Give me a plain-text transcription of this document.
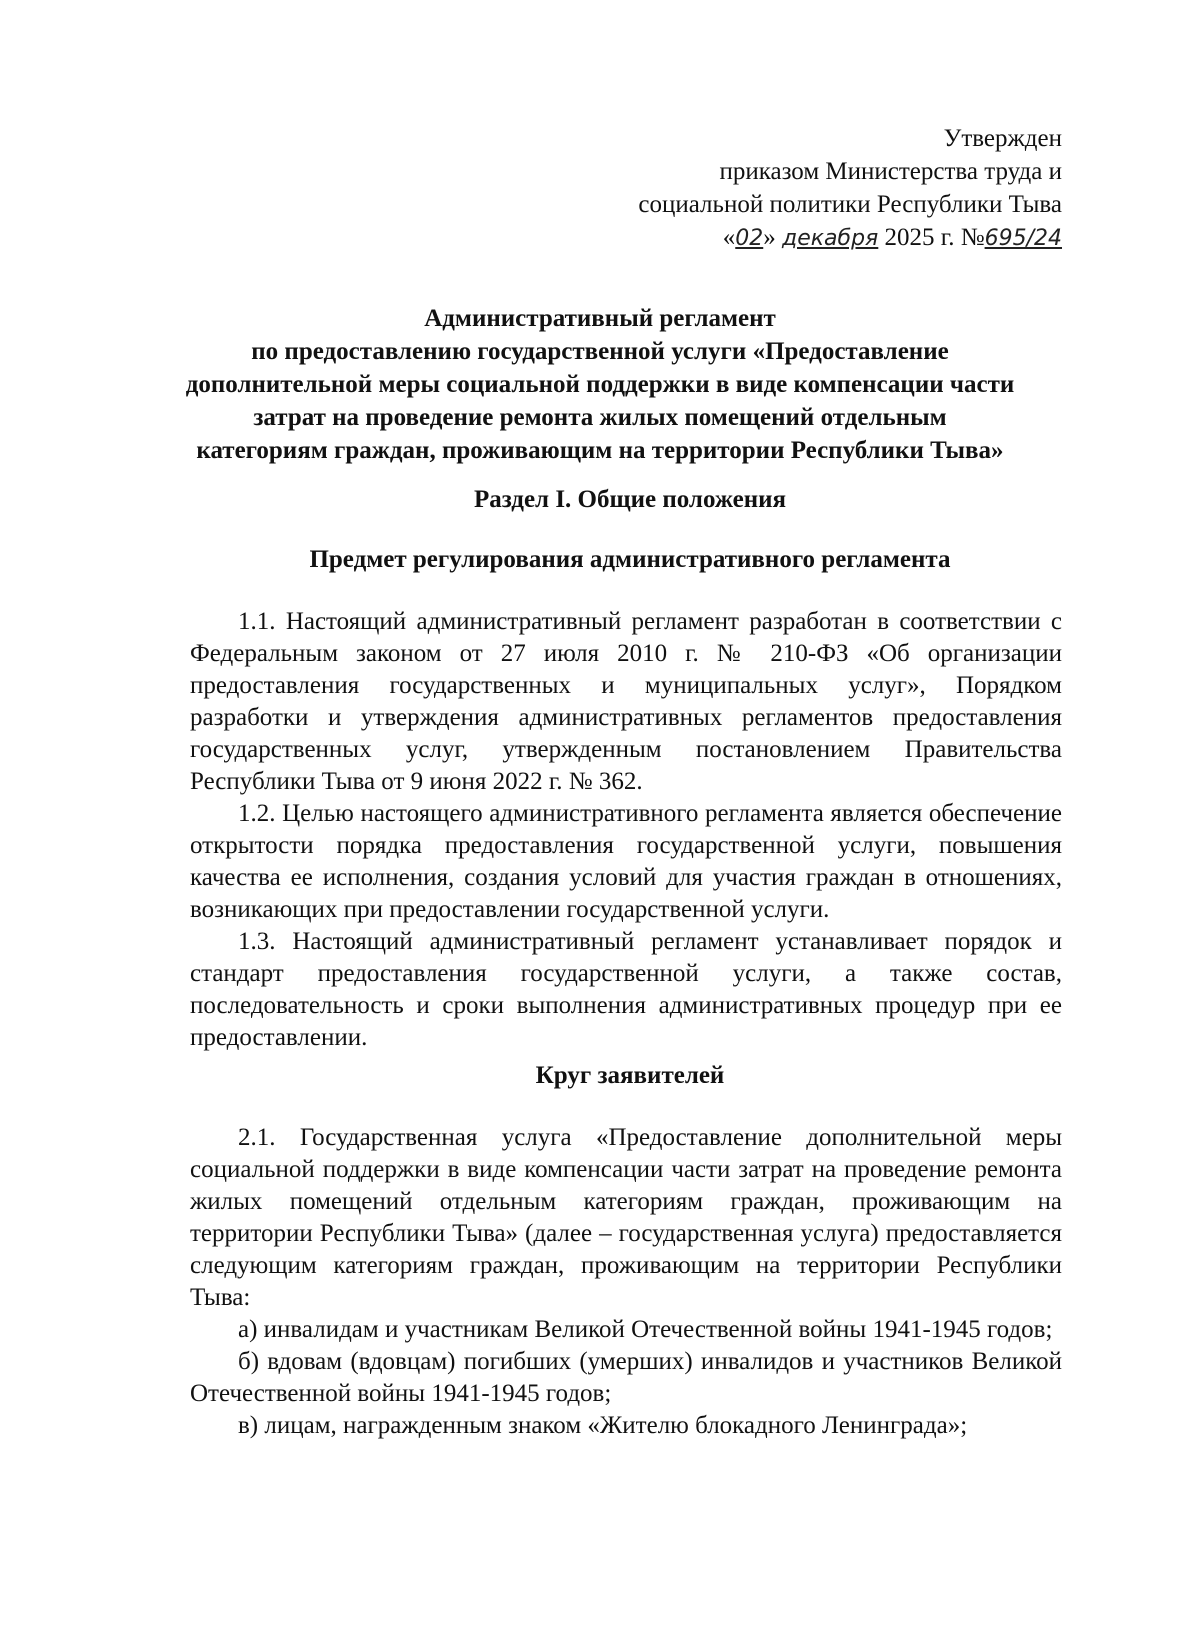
Утвержден
приказом Министерства труда и
социальной политики Республики Тыва
«02» декабря 2025 г. №695/24
Административный регламент
по предоставлению государственной услуги «Предоставление
дополнительной меры социальной поддержки в виде компенсации части
затрат на проведение ремонта жилых помещений отдельным
категориям граждан, проживающим на территории Республики Тыва»
Раздел I. Общие положения
Предмет регулирования административного регламента

1.1. Настоящий административный регламент разработан в соответствии с Федеральным законом от 27 июля 2010 г. № 210-ФЗ «Об организации предоставления государственных и муниципальных услуг», Порядком разработки и утверждения административных регламентов предоставления государственных услуг, утвержденным постановлением Правительства Республики Тыва от 9 июня 2022 г. № 362.

1.2. Целью настоящего административного регламента является обеспечение открытости порядка предоставления государственной услуги, повышения качества ее исполнения, создания условий для участия граждан в отношениях, возникающих при предоставлении государственной услуги.

1.3. Настоящий административный регламент устанавливает порядок и стандарт предоставления государственной услуги, а также состав, последовательность и сроки выполнения административных процедур при ее предоставлении.

Круг заявителей

2.1. Государственная услуга «Предоставление дополнительной меры социальной поддержки в виде компенсации части затрат на проведение ремонта жилых помещений отдельным категориям граждан, проживающим на территории Республики Тыва» (далее – государственная услуга) предоставляется следующим категориям граждан, проживающим на территории Республики Тыва:

а) инвалидам и участникам Великой Отечественной войны 1941-1945 годов;

б) вдовам (вдовцам) погибших (умерших) инвалидов и участников Великой Отечественной войны 1941-1945 годов;

в) лицам, награжденным знаком «Жителю блокадного Ленинграда»;
